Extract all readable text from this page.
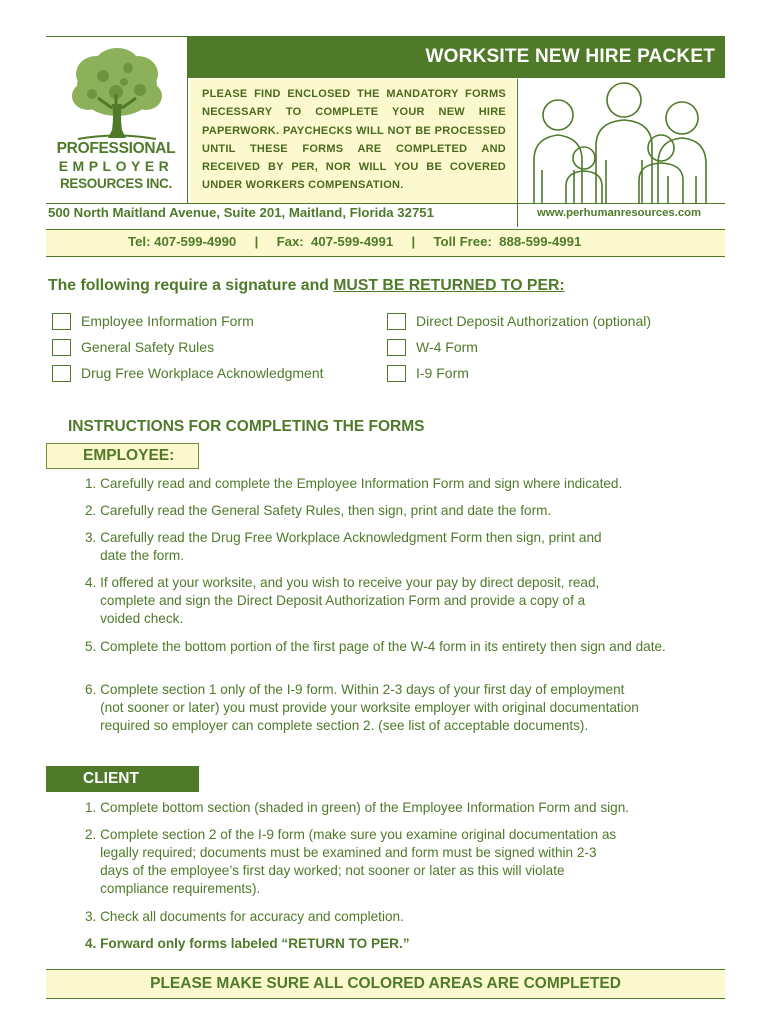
PROFESSIONAL
EMPLOYER
RESOURCES INC.
WORKSITE NEW HIRE PACKET
PLEASE FIND ENCLOSED THE MANDATORY FORMS NECESSARY TO COMPLETE YOUR NEW HIRE PAPERWORK. PAYCHECKS WILL NOT BE PROCESSED UNTIL THESE FORMS ARE COMPLETED AND RECEIVED BY PER, NOR WILL YOU BE COVERED UNDER WORKERS COMPENSATION.
500 North Maitland Avenue, Suite 201, Maitland, Florida 32751	www.perhumanresources.com
Tel: 407-599-4990     |     Fax:  407-599-4991     |     Toll Free:  888-599-4991
The following require a signature and MUST BE RETURNED TO PER:
Employee Information Form
General Safety Rules
Drug Free Workplace Acknowledgment
Direct Deposit Authorization (optional)
W-4 Form
I-9 Form
INSTRUCTIONS FOR COMPLETING THE FORMS
EMPLOYEE:
1. Carefully read and complete the Employee Information Form and sign where indicated.
2. Carefully read the General Safety Rules, then sign, print and date the form.
3. Carefully read the Drug Free Workplace Acknowledgment Form then sign, print and
date the form.
4. If offered at your worksite, and you wish to receive your pay by direct deposit, read,
complete and sign the Direct Deposit Authorization Form and provide a copy of a
voided check.
5. Complete the bottom portion of the first page of the W-4 form in its entirety then sign and date.
6. Complete section 1 only of the I-9 form. Within 2-3 days of your first day of employment
(not sooner or later) you must provide your worksite employer with original documentation
required so employer can complete section 2. (see list of acceptable documents).
CLIENT
1. Complete bottom section (shaded in green) of the Employee Information Form and sign.
2. Complete section 2 of the I-9 form (make sure you examine original documentation as
legally required; documents must be examined and form must be signed within 2-3
days of the employee’s first day worked; not sooner or later as this will violate
compliance requirements).
3. Check all documents for accuracy and completion.
4. Forward only forms labeled “RETURN TO PER.”
PLEASE MAKE SURE ALL COLORED AREAS ARE COMPLETED
